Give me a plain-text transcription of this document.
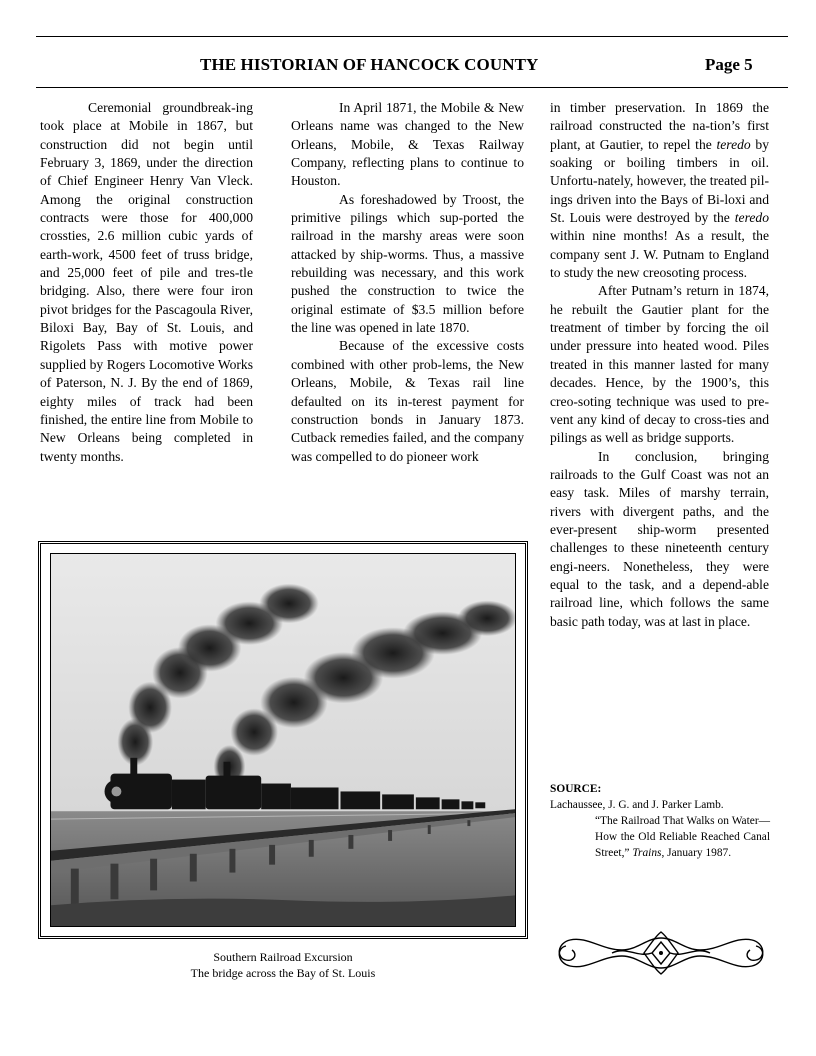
THE HISTORIAN OF HANCOCK COUNTY	Page 5

Ceremonial groundbreak-ing took place at Mobile in 1867, but construction did not begin until February 3, 1869, under the direction of Chief Engineer Henry Van Vleck. Among the original construction contracts were those for 400,000 crossties, 2.6 million cubic yards of earth-work, 4500 feet of truss bridge, and 25,000 feet of pile and tres-tle bridging. Also, there were four iron pivot bridges for the Pascagoula River, Biloxi Bay, Bay of St. Louis, and Rigolets Pass with motive power supplied by Rogers Locomotive Works of Paterson, N. J. By the end of 1869, eighty miles of track had been finished, the entire line from Mobile to New Orleans being completed in twenty months.

In April 1871, the Mobile & New Orleans name was changed to the New Orleans, Mobile, & Texas Railway Company, reflecting plans to continue to Houston.

As foreshadowed by Troost, the primitive pilings which sup-ported the railroad in the marshy areas were soon attacked by ship-worms. Thus, a massive rebuilding was necessary, and this work pushed the construction to twice the original estimate of $3.5 million before the line was opened in late 1870.

Because of the excessive costs combined with other prob-lems, the New Orleans, Mobile, & Texas rail line defaulted on its in-terest payment for construction bonds in January 1873. Cutback remedies failed, and the company was compelled to do pioneer work

in timber preservation. In 1869 the railroad constructed the na-tion’s first plant, at Gautier, to repel the teredo by soaking or boiling timbers in oil. Unfortu-nately, however, the treated pil-ings driven into the Bays of Bi-loxi and St. Louis were destroyed by the teredo within nine months! As a result, the company sent J. W. Putnam to England to study the new creosoting process.

After Putnam’s return in 1874, he rebuilt the Gautier plant for the treatment of timber by forcing the oil under pressure into heated wood. Piles treated in this manner lasted for many decades. Hence, by the 1900’s, this creo-soting technique was used to pre-vent any kind of decay to cross-ties and pilings as well as bridge supports.

In conclusion, bringing railroads to the Gulf Coast was not an easy task. Miles of marshy terrain, rivers with divergent paths, and the ever-present ship-worm presented challenges to these nineteenth century engi-neers. Nonetheless, they were equal to the task, and a depend-able railroad line, which follows the same basic path today, was at last in place.

Southern Railroad Excursion
The bridge across the Bay of St. Louis
SOURCE:
Lachaussee, J. G. and J. Parker Lamb.
“The Railroad That Walks on Water—How the Old Reliable Reached Canal Street,” Trains, January 1987.
